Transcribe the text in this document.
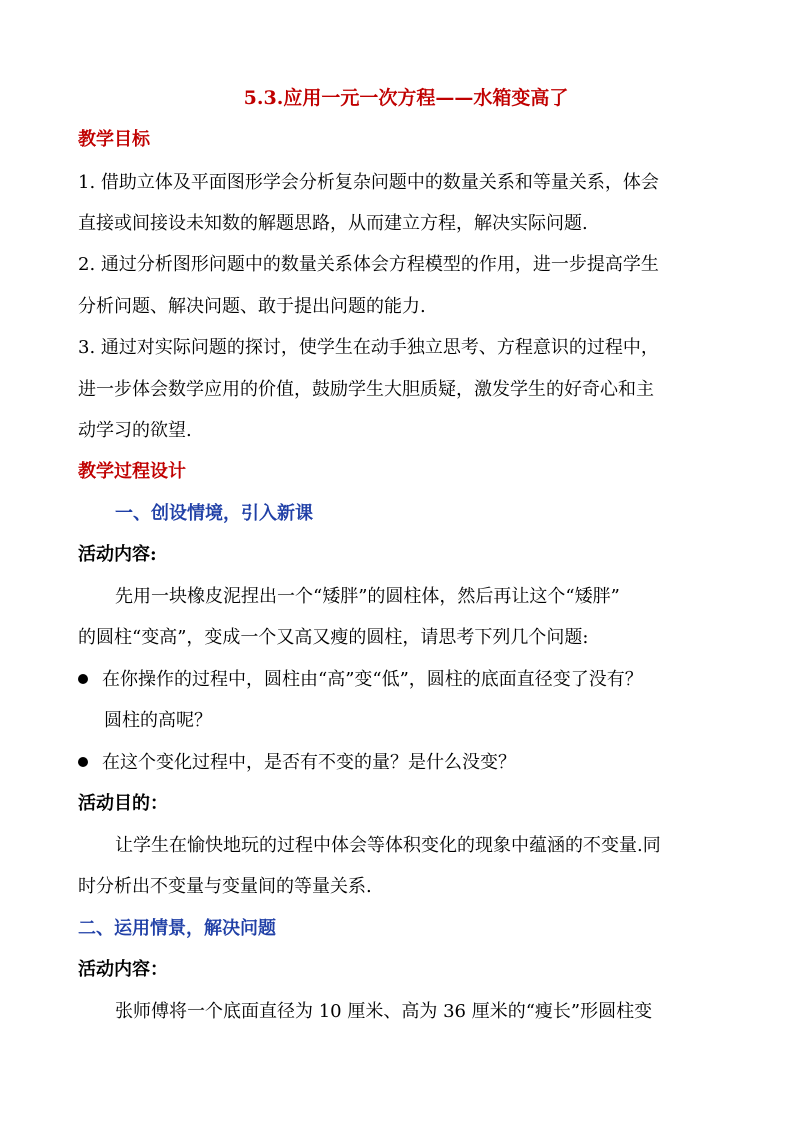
5.3.应用一元一次方程——水箱变高了
教学目标
1. 借助立体及平面图形学会分析复杂问题中的数量关系和等量关系，体会
直接或间接设未知数的解题思路，从而建立方程，解决实际问题.
2. 通过分析图形问题中的数量关系体会方程模型的作用，进一步提高学生
分析问题、解决问题、敢于提出问题的能力.
3. 通过对实际问题的探讨，使学生在动手独立思考、方程意识的过程中，
进一步体会数学应用的价值，鼓励学生大胆质疑，激发学生的好奇心和主
动学习的欲望.
教学过程设计
一、创设情境，引入新课
活动内容:
先用一块橡皮泥捏出一个“矮胖”的圆柱体，然后再让这个“矮胖”
的圆柱“变高”，变成一个又高又瘦的圆柱，请思考下列几个问题:
在你操作的过程中，圆柱由“高”变“低”，圆柱的底面直径变了没有？
圆柱的高呢？
在这个变化过程中，是否有不变的量？是什么没变？
活动目的：
让学生在愉快地玩的过程中体会等体积变化的现象中蕴涵的不变量.同
时分析出不变量与变量间的等量关系.
二、运用情景，解决问题
活动内容：
张师傅将一个底面直径为 10 厘米、高为 36 厘米的“瘦长”形圆柱变
